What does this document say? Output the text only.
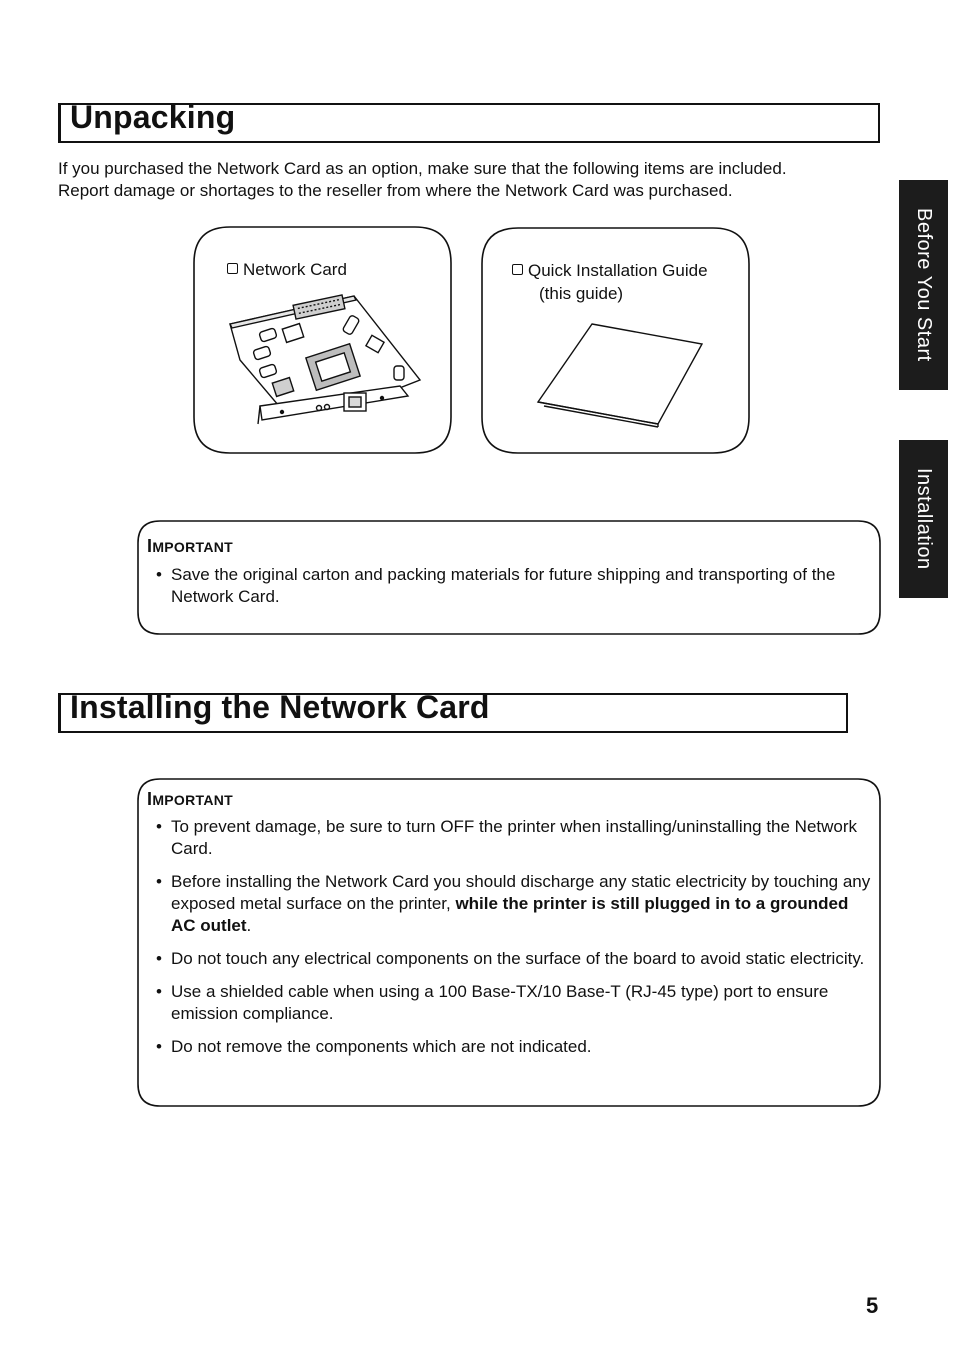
Unpacking
If you purchased the Network Card as an option, make sure that the following items are included.
Report damage or shortages to the reseller from where the Network Card was purchased.
Network Card	Quick Installation Guide
(this guide)
IMPORTANT
• Save the original carton and packing materials for future shipping and transporting of the Network Card.
Installing the Network Card
IMPORTANT
• To prevent damage, be sure to turn OFF the printer when installing/uninstalling the Network Card.
• Before installing the Network Card you should discharge any static electricity by touching any exposed metal surface on the printer, while the printer is still plugged in to a grounded AC outlet.
• Do not touch any electrical components on the surface of the board to avoid static electricity.
• Use a shielded cable when using a 100 Base-TX/10 Base-T (RJ-45 type) port to ensure emission compliance.
• Do not remove the components which are not indicated.
Before You Start
Installation
5
